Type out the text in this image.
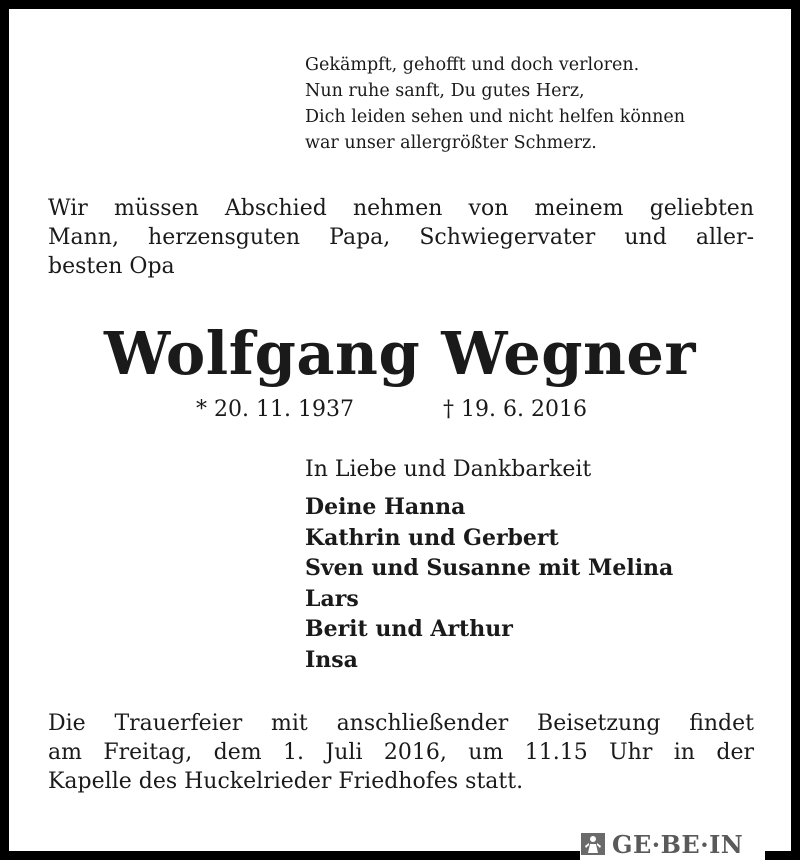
Gekämpft, gehofft und doch verloren.
Nun ruhe sanft, Du gutes Herz,
Dich leiden sehen und nicht helfen können
war unser allergrößter Schmerz.
Wir müssen Abschied nehmen von meinem geliebten
Mann, herzensguten Papa, Schwiegervater und aller-
besten Opa
Wolfgang Wegner
* 20. 11. 1937	† 19. 6. 2016
In Liebe und Dankbarkeit
Deine Hanna
Kathrin und Gerbert
Sven und Susanne mit Melina
Lars
Berit und Arthur
Insa
Die Trauerfeier mit anschließender Beisetzung findet
am Freitag, dem 1. Juli 2016, um 11.15 Uhr in der
Kapelle des Huckelrieder Friedhofes statt.
GE·BE·IN
